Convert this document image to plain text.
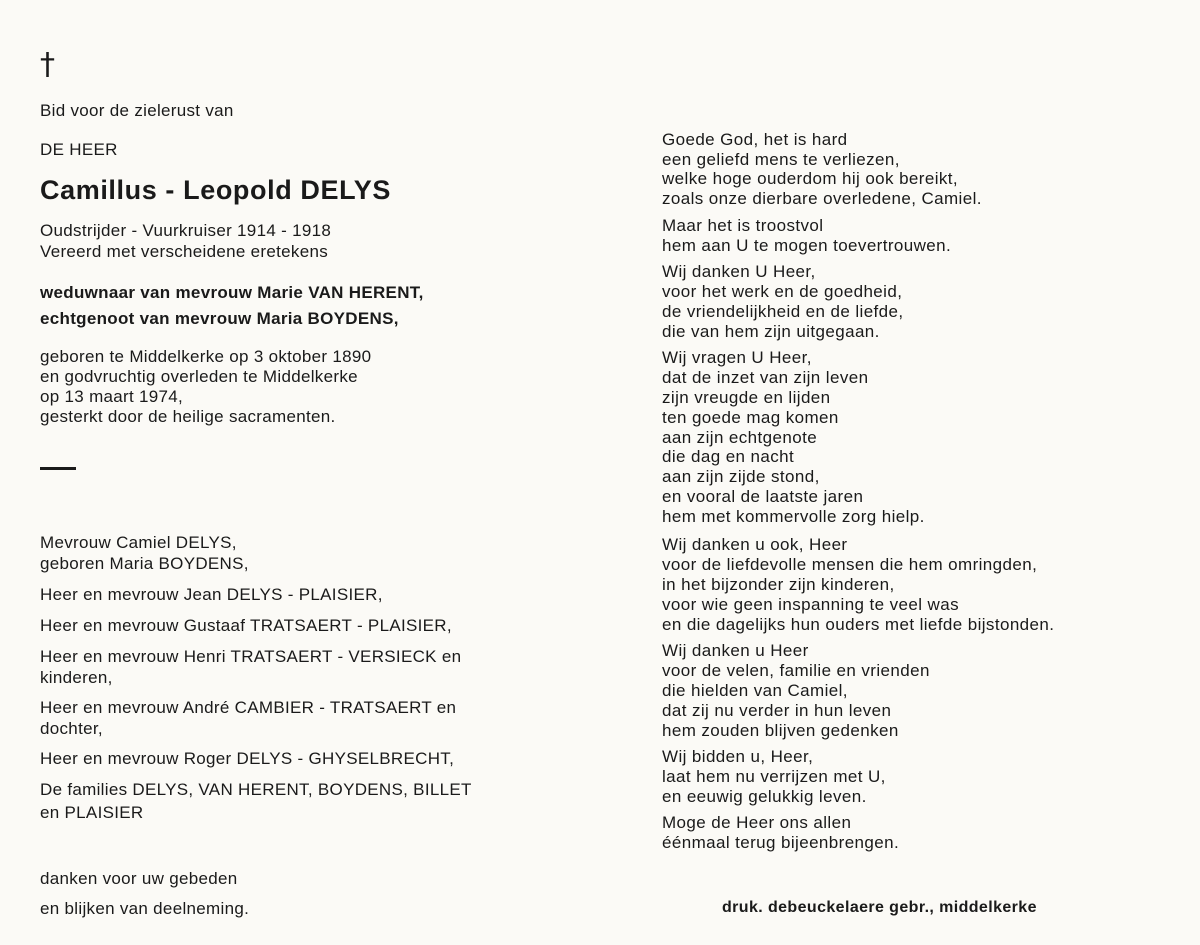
†
Bid voor de zielerust van
DE HEER
Camillus - Leopold DELYS
Oudstrijder - Vuurkruiser 1914 - 1918
Vereerd met verscheidene eretekens
weduwnaar van mevrouw Marie VAN HERENT,
echtgenoot van mevrouw Maria BOYDENS,
geboren te Middelkerke op 3 oktober 1890
en godvruchtig overleden te Middelkerke
op 13 maart 1974,
gesterkt door de heilige sacramenten.
Mevrouw Camiel DELYS,
geboren Maria BOYDENS,
Heer en mevrouw Jean DELYS - PLAISIER,
Heer en mevrouw Gustaaf TRATSAERT - PLAISIER,
Heer en mevrouw Henri TRATSAERT - VERSIECK en
kinderen,
Heer en mevrouw André CAMBIER - TRATSAERT en
dochter,
Heer en mevrouw Roger DELYS - GHYSELBRECHT,
De families DELYS, VAN HERENT, BOYDENS, BILLET
en PLAISIER
danken voor uw gebeden
en blijken van deelneming.
Goede God, het is hard
een geliefd mens te verliezen,
welke hoge ouderdom hij ook bereikt,
zoals onze dierbare overledene, Camiel.
Maar het is troostvol
hem aan U te mogen toevertrouwen.
Wij danken U Heer,
voor het werk en de goedheid,
de vriendelijkheid en de liefde,
die van hem zijn uitgegaan.
Wij vragen U Heer,
dat de inzet van zijn leven
zijn vreugde en lijden
ten goede mag komen
aan zijn echtgenote
die dag en nacht
aan zijn zijde stond,
en vooral de laatste jaren
hem met kommervolle zorg hielp.
Wij danken u ook, Heer
voor de liefdevolle mensen die hem omringden,
in het bijzonder zijn kinderen,
voor wie geen inspanning te veel was
en die dagelijks hun ouders met liefde bijstonden.
Wij danken u Heer
voor de velen, familie en vrienden
die hielden van Camiel,
dat zij nu verder in hun leven
hem zouden blijven gedenken
Wij bidden u, Heer,
laat hem nu verrijzen met U,
en eeuwig gelukkig leven.
Moge de Heer ons allen
éénmaal terug bijeenbrengen.
druk. debeuckelaere gebr., middelkerke
